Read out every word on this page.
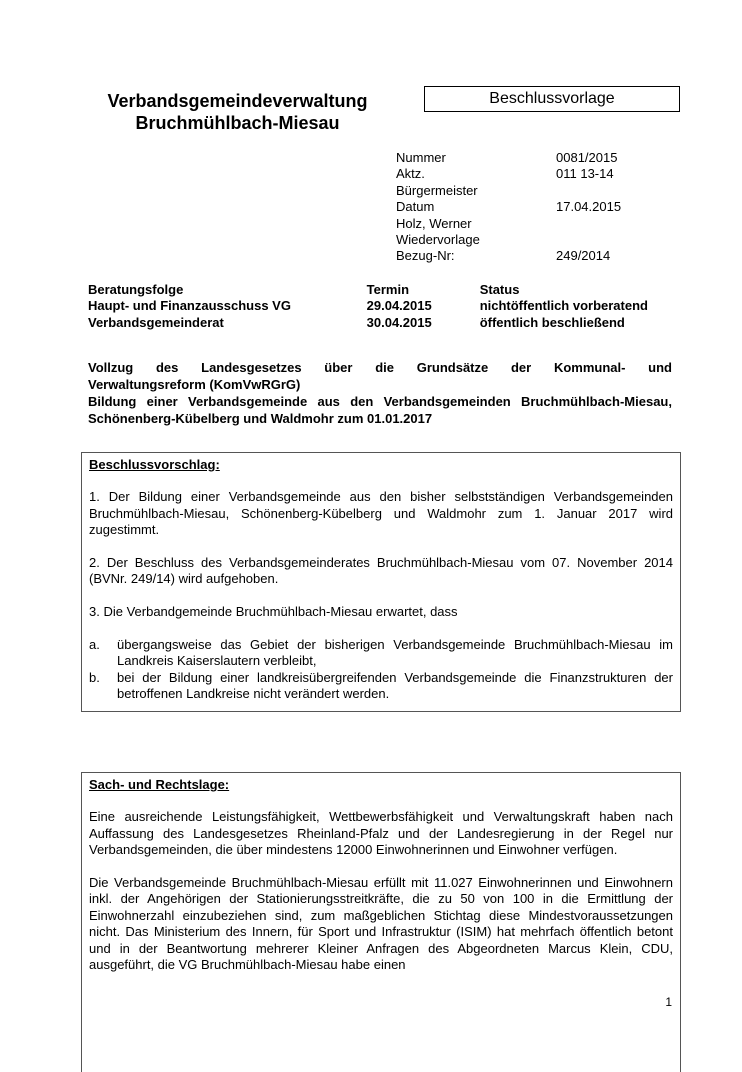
Verbandsgemeindeverwaltung
Bruchmühlbach-Miesau
Beschlussvorlage
Nummer	0081/2015
Aktz.	011 13-14
Bürgermeister
Datum	17.04.2015
Holz, Werner
Wiedervorlage
Bezug-Nr:	249/2014
Beratungsfolge	Termin	Status
Haupt- und Finanzausschuss VG	29.04.2015	nichtöffentlich vorberatend
Verbandsgemeinderat	30.04.2015	öffentlich beschließend
Vollzug des Landesgesetzes über die Grundsätze der Kommunal- und
Verwaltungsreform (KomVwRGrG)
Bildung einer Verbandsgemeinde aus den Verbandsgemeinden Bruchmühlbach-Miesau,
Schönenberg-Kübelberg und Waldmohr zum 01.01.2017
Beschlussvorschlag:

1. Der Bildung einer Verbandsgemeinde aus den bisher selbstständigen Verbandsgemeinden Bruchmühlbach-Miesau, Schönenberg-Kübelberg und Waldmohr zum 1. Januar 2017 wird zugestimmt.

2. Der Beschluss des Verbandsgemeinderates Bruchmühlbach-Miesau vom 07. November 2014 (BVNr. 249/14) wird aufgehoben.

3. Die Verbandgemeinde Bruchmühlbach-Miesau erwartet, dass

a.	übergangsweise das Gebiet der bisherigen Verbandsgemeinde Bruchmühlbach-Miesau im Landkreis Kaiserslautern verbleibt,
b.	bei der Bildung einer landkreisübergreifenden Verbandsgemeinde die Finanzstrukturen der betroffenen Landkreise nicht verändert werden.
Sach- und Rechtslage:

Eine ausreichende Leistungsfähigkeit, Wettbewerbsfähigkeit und Verwaltungskraft haben nach Auffassung des Landesgesetzes Rheinland-Pfalz und der Landesregierung in der Regel nur Verbandsgemeinden, die über mindestens 12000 Einwohnerinnen und Einwohner verfügen.

Die Verbandsgemeinde Bruchmühlbach-Miesau erfüllt mit 11.027 Einwohnerinnen und Einwohnern inkl. der Angehörigen der Stationierungsstreitkräfte, die zu 50 von 100 in die Ermittlung der Einwohnerzahl einzubeziehen sind, zum maßgeblichen Stichtag diese Mindestvoraussetzungen nicht. Das Ministerium des Innern, für Sport und Infrastruktur (ISIM) hat mehrfach öffentlich betont und in der Beantwortung mehrerer Kleiner Anfragen des Abgeordneten Marcus Klein, CDU, ausgeführt, die VG Bruchmühlbach-Miesau habe einen

1
